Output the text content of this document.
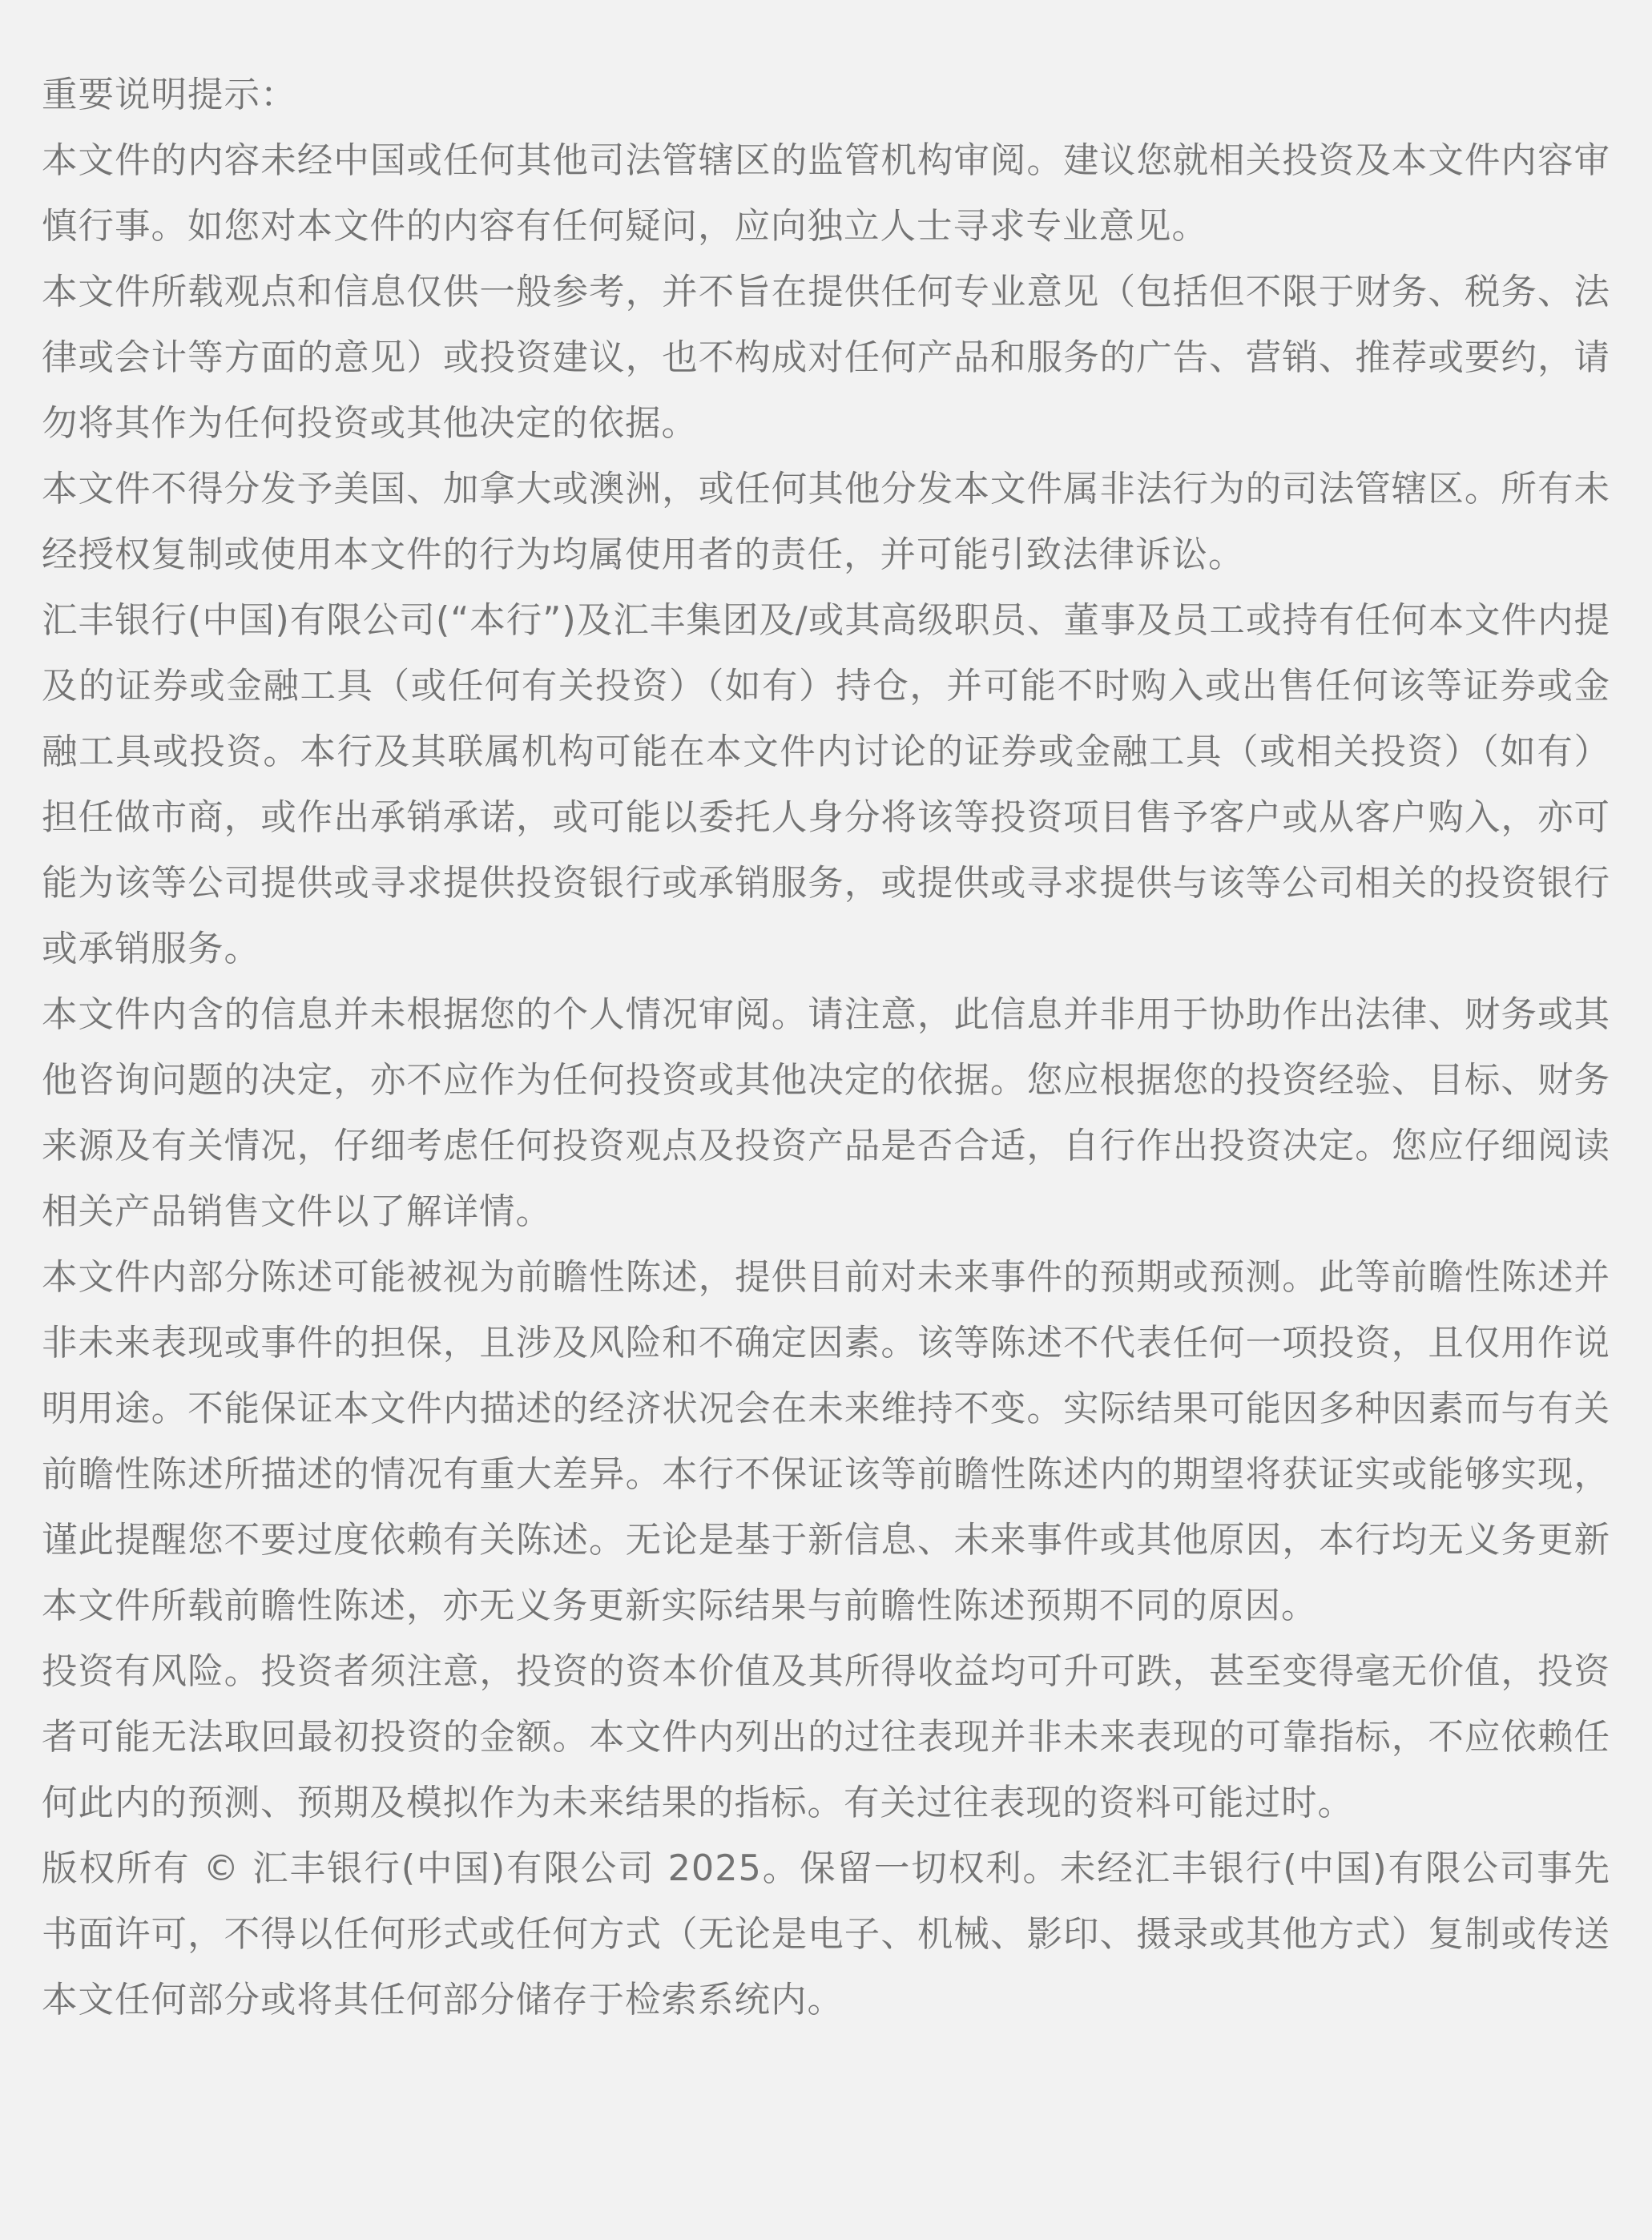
重要说明提示：

本文件的内容未经中国或任何其他司法管辖区的监管机构审阅。建议您就相关投资及本文件内容审慎行事。如您对本文件的内容有任何疑问，应向独立人士寻求专业意见。

本文件所载观点和信息仅供一般参考，并不旨在提供任何专业意见（包括但不限于财务、税务、法律或会计等方面的意见）或投资建议，也不构成对任何产品和服务的广告、营销、推荐或要约，请勿将其作为任何投资或其他决定的依据。

本文件不得分发予美国、加拿大或澳洲，或任何其他分发本文件属非法行为的司法管辖区。所有未经授权复制或使用本文件的行为均属使用者的责任，并可能引致法律诉讼。

汇丰银行(中国)有限公司(“本行”)及汇丰集团及/或其高级职员、董事及员工或持有任何本文件内提及的证券或金融工具（或任何有关投资）（如有）持仓，并可能不时购入或出售任何该等证券或金融工具或投资。本行及其联属机构可能在本文件内讨论的证券或金融工具（或相关投资）（如有）担任做市商，或作出承销承诺，或可能以委托人身分将该等投资项目售予客户或从客户购入，亦可能为该等公司提供或寻求提供投资银行或承销服务，或提供或寻求提供与该等公司相关的投资银行或承销服务。

本文件内含的信息并未根据您的个人情况审阅。请注意，此信息并非用于协助作出法律、财务或其他咨询问题的决定，亦不应作为任何投资或其他决定的依据。您应根据您的投资经验、目标、财务来源及有关情况，仔细考虑任何投资观点及投资产品是否合适，自行作出投资决定。您应仔细阅读相关产品销售文件以了解详情。

本文件内部分陈述可能被视为前瞻性陈述，提供目前对未来事件的预期或预测。此等前瞻性陈述并非未来表现或事件的担保，且涉及风险和不确定因素。该等陈述不代表任何一项投资，且仅用作说明用途。不能保证本文件内描述的经济状况会在未来维持不变。实际结果可能因多种因素而与有关前瞻性陈述所描述的情况有重大差异。本行不保证该等前瞻性陈述内的期望将获证实或能够实现，谨此提醒您不要过度依赖有关陈述。无论是基于新信息、未来事件或其他原因，本行均无义务更新本文件所载前瞻性陈述，亦无义务更新实际结果与前瞻性陈述预期不同的原因。

投资有风险。投资者须注意，投资的资本价值及其所得收益均可升可跌，甚至变得毫无价值，投资者可能无法取回最初投资的金额。本文件内列出的过往表现并非未来表现的可靠指标，不应依赖任何此内的预测、预期及模拟作为未来结果的指标。有关过往表现的资料可能过时。

版权所有 © 汇丰银行(中国)有限公司 2025。保留一切权利。未经汇丰银行(中国)有限公司事先书面许可，不得以任何形式或任何方式（无论是电子、机械、影印、摄录或其他方式）复制或传送本文任何部分或将其任何部分储存于检索系统内。
